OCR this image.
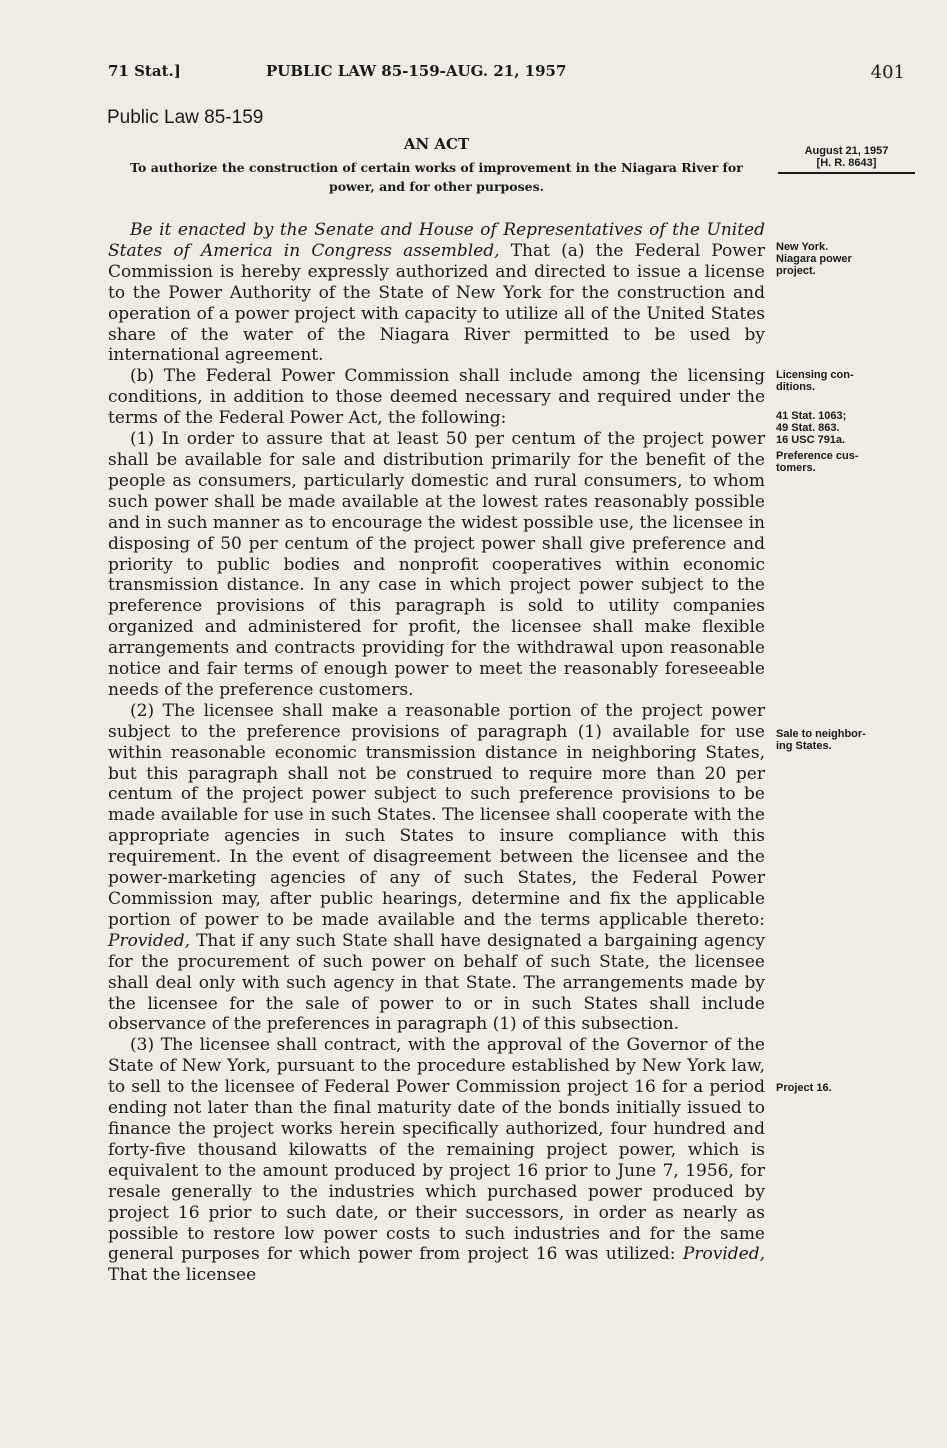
71 Stat.]	PUBLIC LAW 85-159-AUG. 21, 1957	401
Public Law 85-159
AN ACT
To authorize the construction of certain works of improvement in the Niagara River for power, and for other purposes.
August 21, 1957
[H. R. 8643]

Be it enacted by the Senate and House of Representatives of the United States of America in Congress assembled, That (a) the Federal Power Commission is hereby expressly authorized and directed to issue a license to the Power Authority of the State of New York for the construction and operation of a power project with capacity to utilize all of the United States share of the water of the Niagara River permitted to be used by international agreement.

(b) The Federal Power Commission shall include among the licensing conditions, in addition to those deemed necessary and required under the terms of the Federal Power Act, the following:

(1) In order to assure that at least 50 per centum of the project power shall be available for sale and distribution primarily for the benefit of the people as consumers, particularly domestic and rural consumers, to whom such power shall be made available at the lowest rates reasonably possible and in such manner as to encourage the widest possible use, the licensee in disposing of 50 per centum of the project power shall give preference and priority to public bodies and nonprofit cooperatives within economic transmission distance. In any case in which project power subject to the preference provisions of this paragraph is sold to utility companies organized and administered for profit, the licensee shall make flexible arrangements and contracts providing for the withdrawal upon reasonable notice and fair terms of enough power to meet the reasonably foreseeable needs of the preference customers.

(2) The licensee shall make a reasonable portion of the project power subject to the preference provisions of paragraph (1) available for use within reasonable economic transmission distance in neighboring States, but this paragraph shall not be construed to require more than 20 per centum of the project power subject to such preference provisions to be made available for use in such States. The licensee shall cooperate with the appropriate agencies in such States to insure compliance with this requirement. In the event of disagreement between the licensee and the power-marketing agencies of any of such States, the Federal Power Commission may, after public hearings, determine and fix the applicable portion of power to be made available and the terms applicable thereto: Provided, That if any such State shall have designated a bargaining agency for the procurement of such power on behalf of such State, the licensee shall deal only with such agency in that State. The arrangements made by the licensee for the sale of power to or in such States shall include observance of the preferences in paragraph (1) of this subsection.

(3) The licensee shall contract, with the approval of the Governor of the State of New York, pursuant to the procedure established by New York law, to sell to the licensee of Federal Power Commission project 16 for a period ending not later than the final maturity date of the bonds initially issued to finance the project works herein specifically authorized, four hundred and forty-five thousand kilowatts of the remaining project power, which is equivalent to the amount produced by project 16 prior to June 7, 1956, for resale generally to the industries which purchased power produced by project 16 prior to such date, or their successors, in order as nearly as possible to restore low power costs to such industries and for the same general purposes for which power from project 16 was utilized: Provided, That the licensee

New York.
Niagara power
project.
Licensing con-
ditions.
41 Stat. 1063;
49 Stat. 863.
16 USC 791a.
Preference cus-
tomers.
Sale to neighbor-
ing States.
Project 16.
